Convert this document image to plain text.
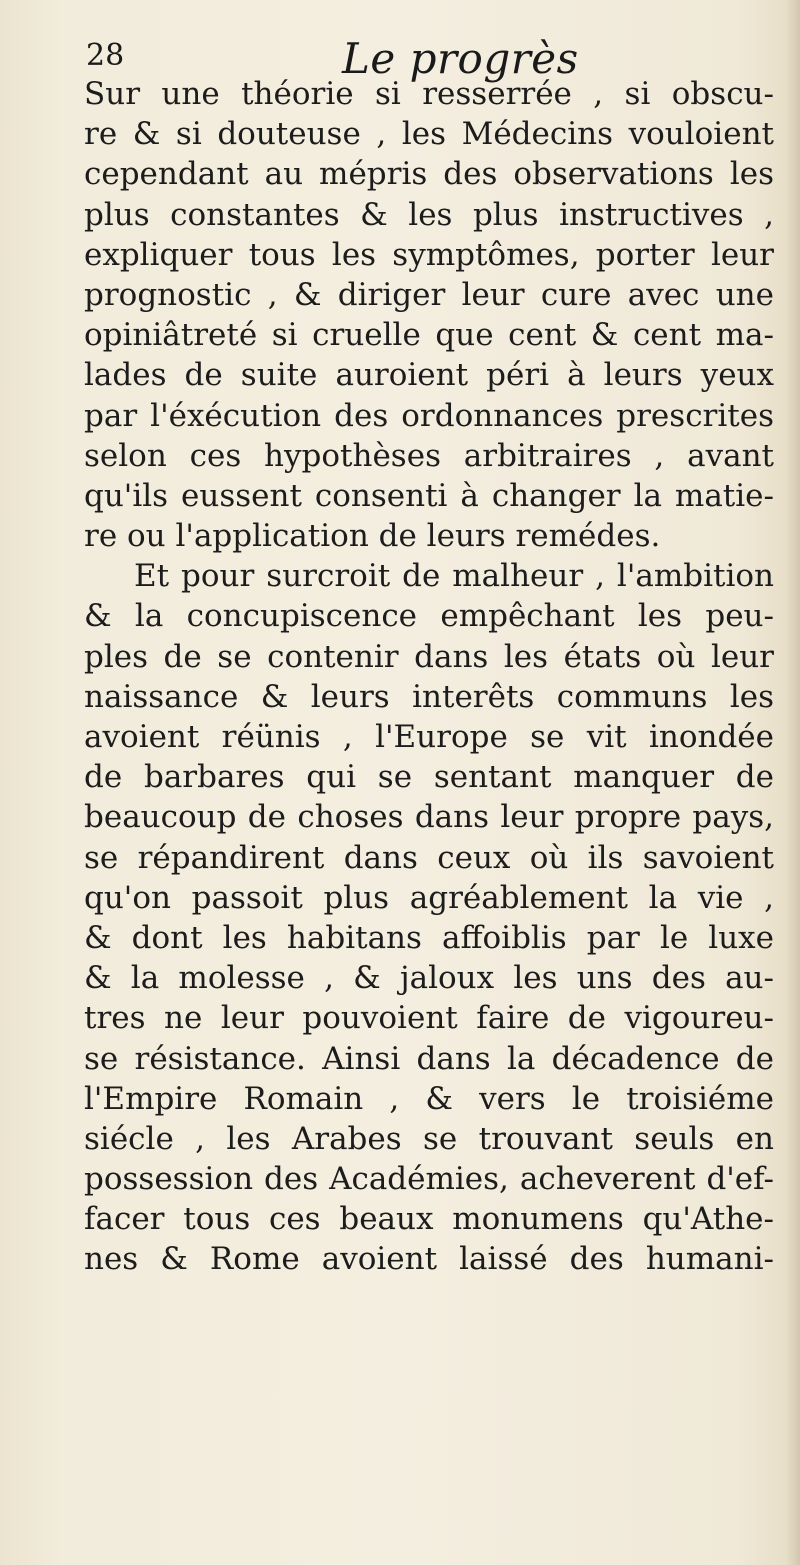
28	Le progrès
Sur une théorie si resserrée , si obscu-
re & si douteuse , les Médecins vouloient
cependant au mépris des observations les
plus constantes & les plus instructives ,
expliquer tous les symptômes, porter leur
prognostic , & diriger leur cure avec une
opiniâtreté si cruelle que cent & cent ma-
lades de suite auroient péri à leurs yeux
par l'éxécution des ordonnances prescrites
selon ces hypothèses arbitraires , avant
qu'ils eussent consenti à changer la matie-
re ou l'application de leurs remédes.
Et pour surcroit de malheur , l'ambition
& la concupiscence empêchant les peu-
ples de se contenir dans les états où leur
naissance & leurs interêts communs les
avoient réünis , l'Europe se vit inondée
de barbares qui se sentant manquer de
beaucoup de choses dans leur propre pays,
se répandirent dans ceux où ils savoient
qu'on passoit plus agréablement la vie ,
& dont les habitans affoiblis par le luxe
& la molesse , & jaloux les uns des au-
tres ne leur pouvoient faire de vigoureu-
se résistance. Ainsi dans la décadence de
l'Empire Romain , & vers le troisiéme
siécle , les Arabes se trouvant seuls en
possession des Académies, acheverent d'ef-
facer tous ces beaux monumens qu'Athe-
nes & Rome avoient laissé des humani-
